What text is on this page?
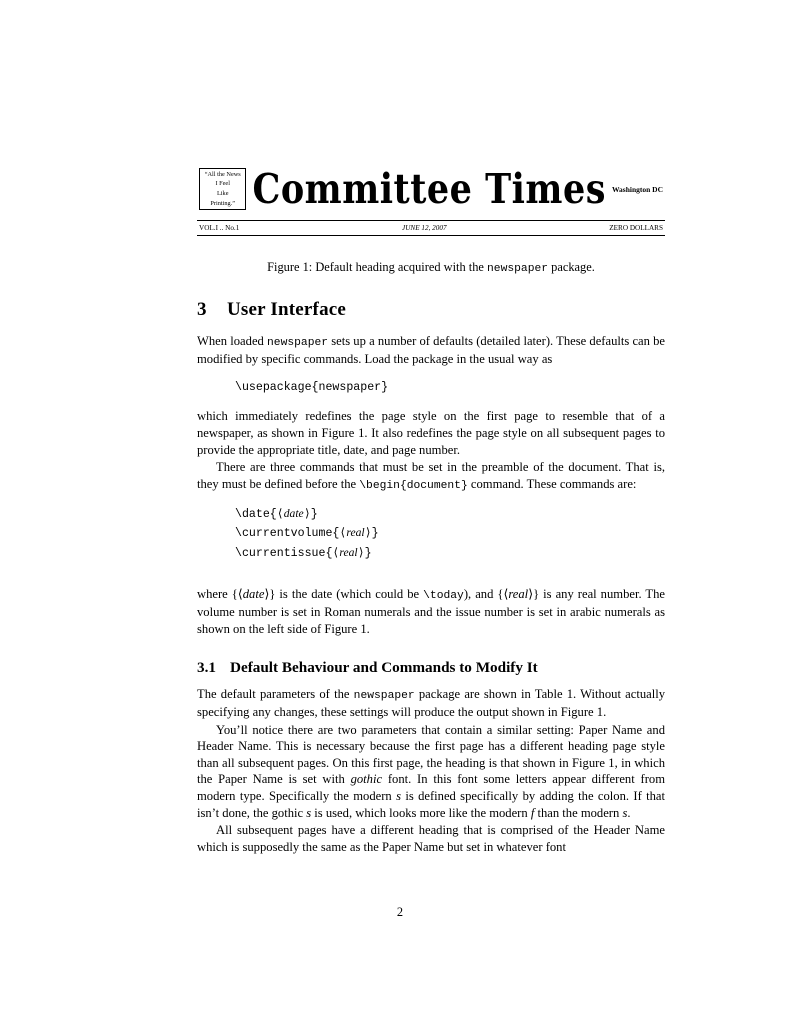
“All the News I Feel
Like Printing.” Committee Times Washington DC
VOL.I .. No.1	JUNE 12, 2007	ZERO DOLLARS
Figure 1: Default heading acquired with the newspaper package.
3 User Interface

When loaded newspaper sets up a number of defaults (detailed later). These defaults can be modified by specific commands. Load the package in the usual way as

\usepackage{newspaper}

which immediately redefines the page style on the first page to resemble that of a newspaper, as shown in Figure 1. It also redefines the page style on all subsequent pages to provide the appropriate title, date, and page number.

There are three commands that must be set in the preamble of the document. That is, they must be defined before the \begin{document} command. These commands are:

\date{⟨date⟩}
\currentvolume{⟨real⟩}
\currentissue{⟨real⟩}

where {⟨date⟩} is the date (which could be \today), and {⟨real⟩} is any real number. The volume number is set in Roman numerals and the issue number is set in arabic numerals as shown on the left side of Figure 1.

3.1 Default Behaviour and Commands to Modify It

The default parameters of the newspaper package are shown in Table 1. Without actually specifying any changes, these settings will produce the output shown in Figure 1.

You’ll notice there are two parameters that contain a similar setting: Paper Name and Header Name. This is necessary because the first page has a different heading page style than all subsequent pages. On this first page, the heading is that shown in Figure 1, in which the Paper Name is set with gothic font. In this font some letters appear different from modern type. Specifically the modern s is defined specifically by adding the colon. If that isn’t done, the gothic s is used, which looks more like the modern f than the modern s.

All subsequent pages have a different heading that is comprised of the Header Name which is supposedly the same as the Paper Name but set in whatever font

2
